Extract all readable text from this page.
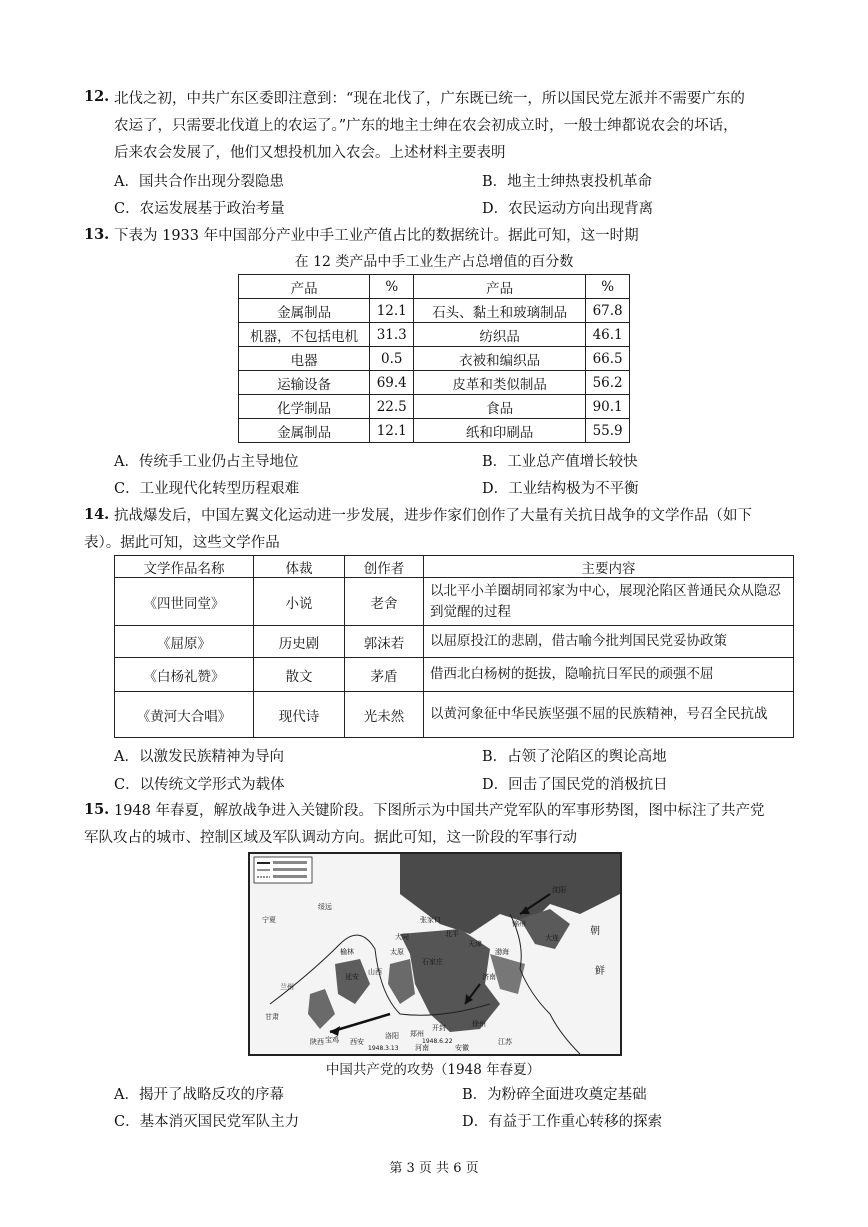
12. 北伐之初，中共广东区委即注意到：“现在北伐了，广东既已统一，所以国民党左派并不需要广东的
农运了，只需要北伐道上的农运了。”广东的地主士绅在农会初成立时，一般士绅都说农会的坏话，
后来农会发展了，他们又想投机加入农会。上述材料主要表明
A．国共合作出现分裂隐患	B．地主士绅热衷投机革命
C．农运发展基于政治考量	D．农民运动方向出现背离
13. 下表为 1933 年中国部分产业中手工业产值占比的数据统计。据此可知，这一时期
在 12 类产品中手工业生产占总增值的百分数
产品	%	产品	%
金属制品	12.1	石头、黏土和玻璃制品	67.8
机器，不包括电机	31.3	纺织品	46.1
电器	0.5	衣被和编织品	66.5
运输设备	69.4	皮革和类似制品	56.2
化学制品	22.5	食品	90.1
金属制品	12.1	纸和印刷品	55.9
A．传统手工业仍占主导地位	B．工业总产值增长较快
C．工业现代化转型历程艰难	D．工业结构极为不平衡
14. 抗战爆发后，中国左翼文化运动进一步发展，进步作家们创作了大量有关抗日战争的文学作品（如下
表）。据此可知，这些文学作品
文学作品名称	体裁	创作者	主要内容
《四世同堂》	小说	老舍	以北平小羊圈胡同祁家为中心，展现沦陷区普通民众从隐忍到觉醒的过程
《屈原》	历史剧	郭沫若	以屈原投江的悲剧，借古喻今批判国民党妥协政策
《白杨礼赞》	散文	茅盾	借西北白杨树的挺拔，隐喻抗日军民的顽强不屈
《黄河大合唱》	现代诗	光未然	以黄河象征中华民族坚强不屈的民族精神，号召全民抗战
A．以激发民族精神为导向	B．占领了沦陷区的舆论高地
C．以传统文学形式为载体	D．回击了国民党的消极抗日
15. 1948 年春夏，解放战争进入关键阶段。下图所示为中国共产党军队的军事形势图，图中标注了共产党
军队攻占的城市、控制区域及军队调动方向。据此可知，这一阶段的军事行动
绥远
大同
张家口
北平
天津
锦州
沈阳
朝
鲜
宁夏
兰州
甘肃
宝鸡 西安
洛阳 郑州
开封
济南
徐州
河南	安徽
江苏
陕西
山西
太原
石家庄
榆林
延安
渤海
大连
1948.3.13
1948.6.22
中国共产党的攻势（1948 年春夏）
A．揭开了战略反攻的序幕	B．为粉碎全面进攻奠定基础
C．基本消灭国民党军队主力	D．有益于工作重心转移的探索
第 3 页 共 6 页
